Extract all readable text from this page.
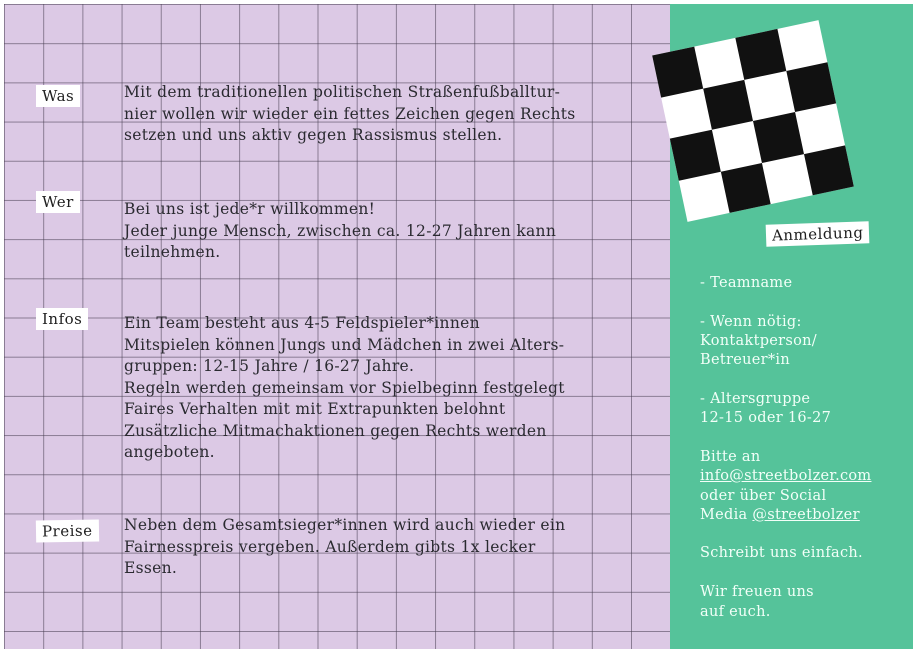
Was	Mit dem traditionellen politischen Straßenfußballtur-
nier wollen wir wieder ein fettes Zeichen gegen Rechts
setzen und uns aktiv gegen Rassismus stellen.
Wer	Bei uns ist jede*r willkommen!
Jeder junge Mensch, zwischen ca. 12-27 Jahren kann
teilnehmen.
Infos	Ein Team besteht aus 4-5 Feldspieler*innen
Mitspielen können Jungs und Mädchen in zwei Alters-
gruppen: 12-15 Jahre / 16-27 Jahre.
Regeln werden gemeinsam vor Spielbeginn festgelegt
Faires Verhalten mit mit Extrapunkten belohnt
Zusätzliche Mitmachaktionen gegen Rechts werden
angeboten.
Preise	Neben dem Gesamtsieger*innen wird auch wieder ein
Fairnesspreis vergeben. Außerdem gibts 1x lecker
Essen.
Anmeldung
- Teamname
- Wenn nötig:
Kontaktperson/
Betreuer*in
- Altersgruppe
12-15 oder 16-27
Bitte an
info@streetbolzer.com
oder über Social
Media @streetbolzer
Schreibt uns einfach.
Wir freuen uns
auf euch.
